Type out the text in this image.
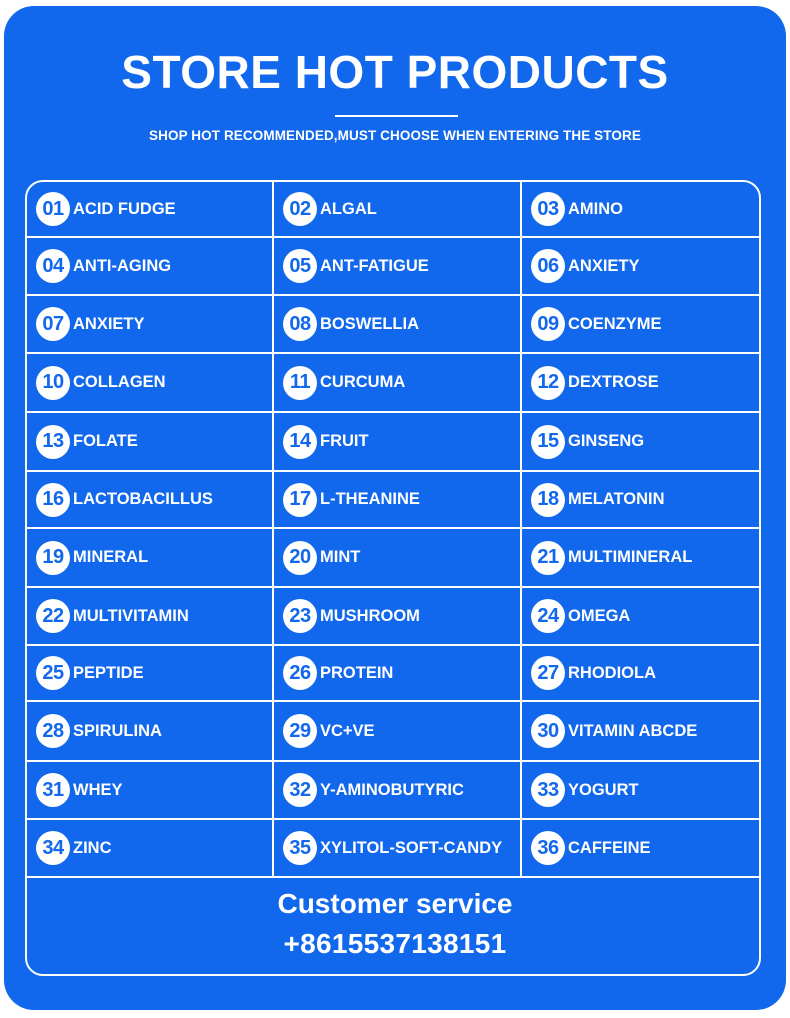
STORE HOT PRODUCTS
SHOP HOT RECOMMENDED,MUST CHOOSE WHEN ENTERING THE STORE
01 ACID FUDGE	02 ALGAL	03 AMINO
04 ANTI-AGING	05 ANT-FATIGUE	06 ANXIETY
07 ANXIETY	08 BOSWELLIA	09 COENZYME
10 COLLAGEN	11 CURCUMA	12 DEXTROSE
13 FOLATE	14 FRUIT	15 GINSENG
16 LACTOBACILLUS	17 L-THEANINE	18 MELATONIN
19 MINERAL	20 MINT	21 MULTIMINERAL
22 MULTIVITAMIN	23 MUSHROOM	24 OMEGA
25 PEPTIDE	26 PROTEIN	27 RHODIOLA
28 SPIRULINA	29 VC+VE	30 VITAMIN ABCDE
31 WHEY	32 Y-AMINOBUTYRIC	33 YOGURT
34 ZINC	35 XYLITOL-SOFT-CANDY	36 CAFFEINE
Customer service
+8615537138151
